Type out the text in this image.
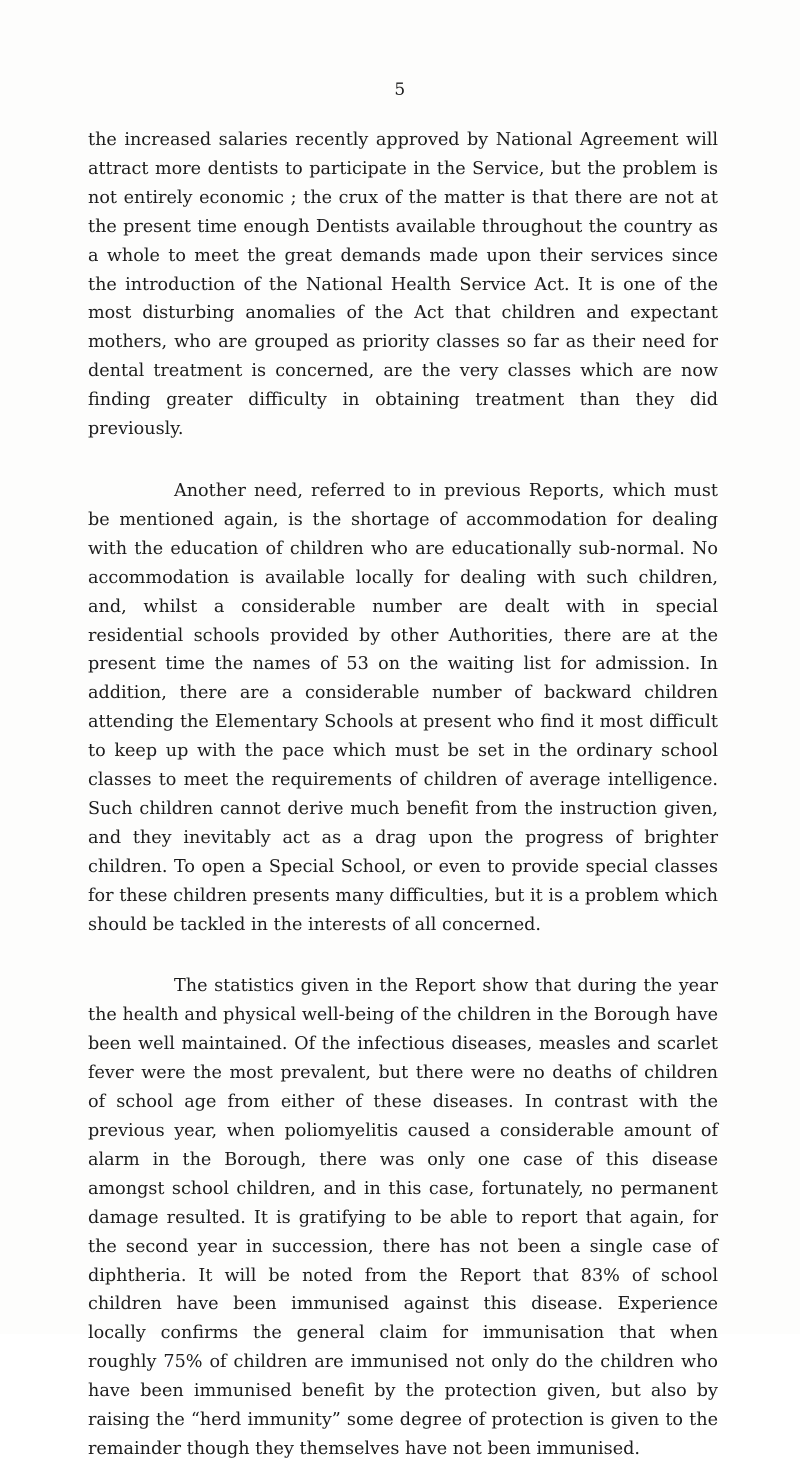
5

the increased salaries recently approved by National Agreement will attract more dentists to participate in the Service, but the problem is not entirely economic ; the crux of the matter is that there are not at the present time enough Dentists available throughout the country as a whole to meet the great demands made upon their services since the introduction of the National Health Service Act. It is one of the most disturbing anomalies of the Act that children and expectant mothers, who are grouped as priority classes so far as their need for dental treatment is concerned, are the very classes which are now finding greater difficulty in obtaining treatment than they did previously.

Another need, referred to in previous Reports, which must be mentioned again, is the shortage of accommodation for dealing with the education of children who are educationally sub-normal. No accommodation is available locally for dealing with such children, and, whilst a considerable number are dealt with in special residential schools provided by other Authorities, there are at the present time the names of 53 on the waiting list for admission. In addition, there are a considerable number of backward children attending the Elementary Schools at present who find it most difficult to keep up with the pace which must be set in the ordinary school classes to meet the requirements of children of average intelligence. Such children cannot derive much benefit from the instruction given, and they inevitably act as a drag upon the progress of brighter children. To open a Special School, or even to provide special classes for these children presents many difficulties, but it is a problem which should be tackled in the interests of all concerned.

The statistics given in the Report show that during the year the health and physical well-being of the children in the Borough have been well maintained. Of the infectious diseases, measles and scarlet fever were the most prevalent, but there were no deaths of children of school age from either of these diseases. In contrast with the previous year, when poliomyelitis caused a considerable amount of alarm in the Borough, there was only one case of this disease amongst school children, and in this case, fortunately, no permanent damage resulted. It is gratifying to be able to report that again, for the second year in succession, there has not been a single case of diphtheria. It will be noted from the Report that 83% of school children have been immunised against this disease. Experience locally confirms the general claim for immunisation that when roughly 75% of children are immunised not only do the children who have been immunised benefit by the protection given, but also by raising the “herd immunity” some degree of protection is given to the remainder though they themselves have not been immunised.
